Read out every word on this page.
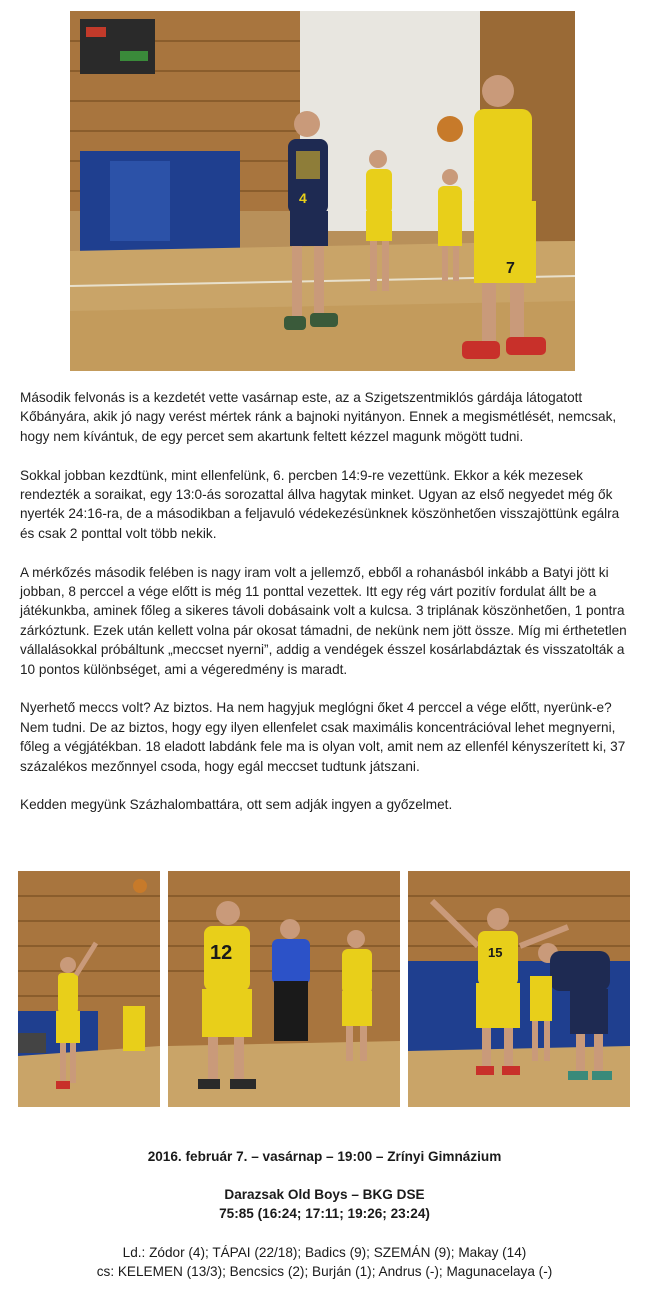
4
7

Második felvonás is a kezdetét vette vasárnap este, az a Szigetszentmiklós gárdája látogatott Kőbányára, akik jó nagy verést mértek ránk a bajnoki nyitányon. Ennek a megismétlését, nemcsak, hogy nem kívántuk, de egy percet sem akartunk feltett kézzel magunk mögött tudni.

Sokkal jobban kezdtünk, mint ellenfelünk, 6. percben 14:9-re vezettünk. Ekkor a kék mezesek rendezték a soraikat, egy 13:0-ás sorozattal állva hagytak minket. Ugyan az első negyedet még ők nyerték 24:16-ra, de a másodikban a feljavuló védekezésünknek köszönhetően visszajöttünk egálra és csak 2 ponttal volt több nekik.

A mérkőzés második felében is nagy iram volt a jellemző, ebből a rohanásból inkább a Batyi jött ki jobban, 8 perccel a vége előtt is még 11 ponttal vezettek. Itt egy rég várt pozitív fordulat állt be a játékunkba, aminek főleg a sikeres távoli dobásaink volt a kulcsa. 3 triplának köszönhetően, 1 pontra zárkóztunk. Ezek után kellett volna pár okosat támadni, de nekünk nem jött össze. Míg mi érthetetlen vállalásokkal próbáltunk „meccset nyerni”, addig a vendégek ésszel kosárlabdáztak és visszatolták a 10 pontos különbséget, ami a végeredmény is maradt.

Nyerhető meccs volt? Az biztos. Ha nem hagyjuk meglógni őket 4 perccel a vége előtt, nyerünk-e? Nem tudni. De az biztos, hogy egy ilyen ellenfelet csak maximális koncentrációval lehet megnyerni, főleg a végjátékban. 18 eladott labdánk fele ma is olyan volt, amit nem az ellenfél kényszerített ki, 37 százalékos mezőnnyel csoda, hogy egál meccset tudtunk játszani.

Kedden megyünk Százhalombattára, ott sem adják ingyen a győzelmet.

12	15
2016. február 7. – vasárnap – 19:00 – Zrínyi Gimnázium
Darazsak Old Boys – BKG DSE
75:85 (16:24; 17:11; 19:26; 23:24)
Ld.: Zódor (4); TÁPAI (22/18); Badics (9); SZEMÁN (9); Makay (14)
cs: KELEMEN (13/3); Bencsics (2); Burján (1); Andrus (-); Magunacelaya (-)
